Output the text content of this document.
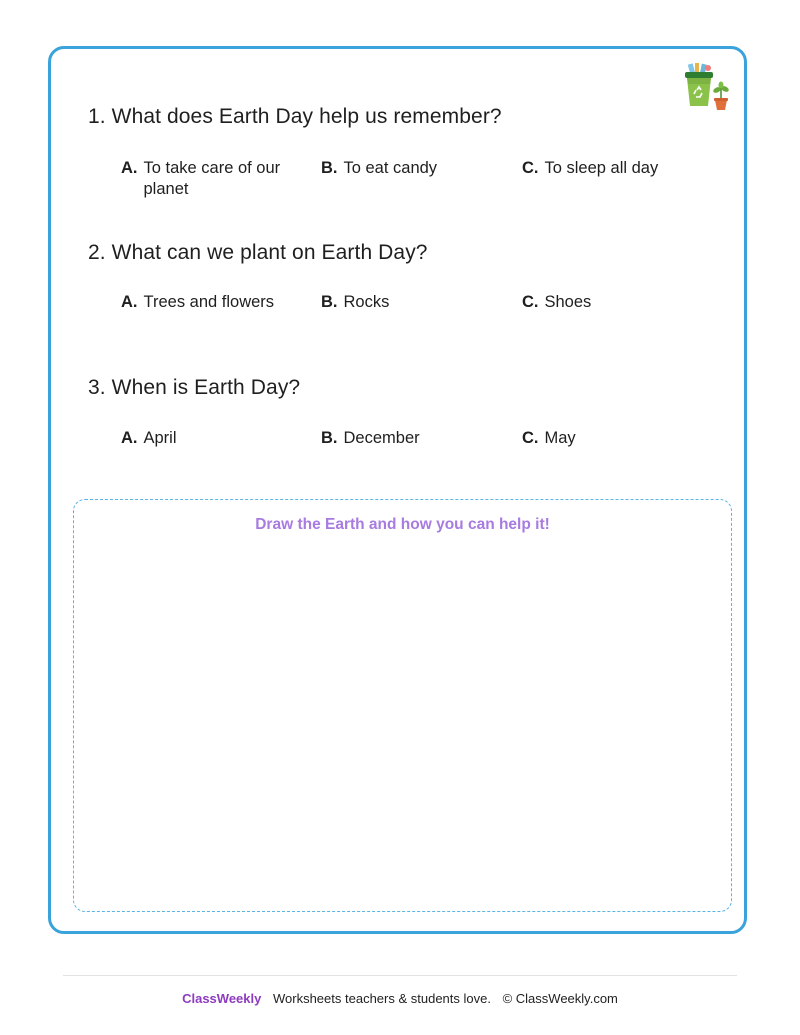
1. What does Earth Day help us remember?
A. To take care of our planet
B. To eat candy	C. To sleep all day
2. What can we plant on Earth Day?
A. Trees and flowers	B. Rocks	C. Shoes
3. When is Earth Day?
A. April	B. December	C. May
Draw the Earth and how you can help it!
ClassWeekly Worksheets teachers & students love. © ClassWeekly.com
